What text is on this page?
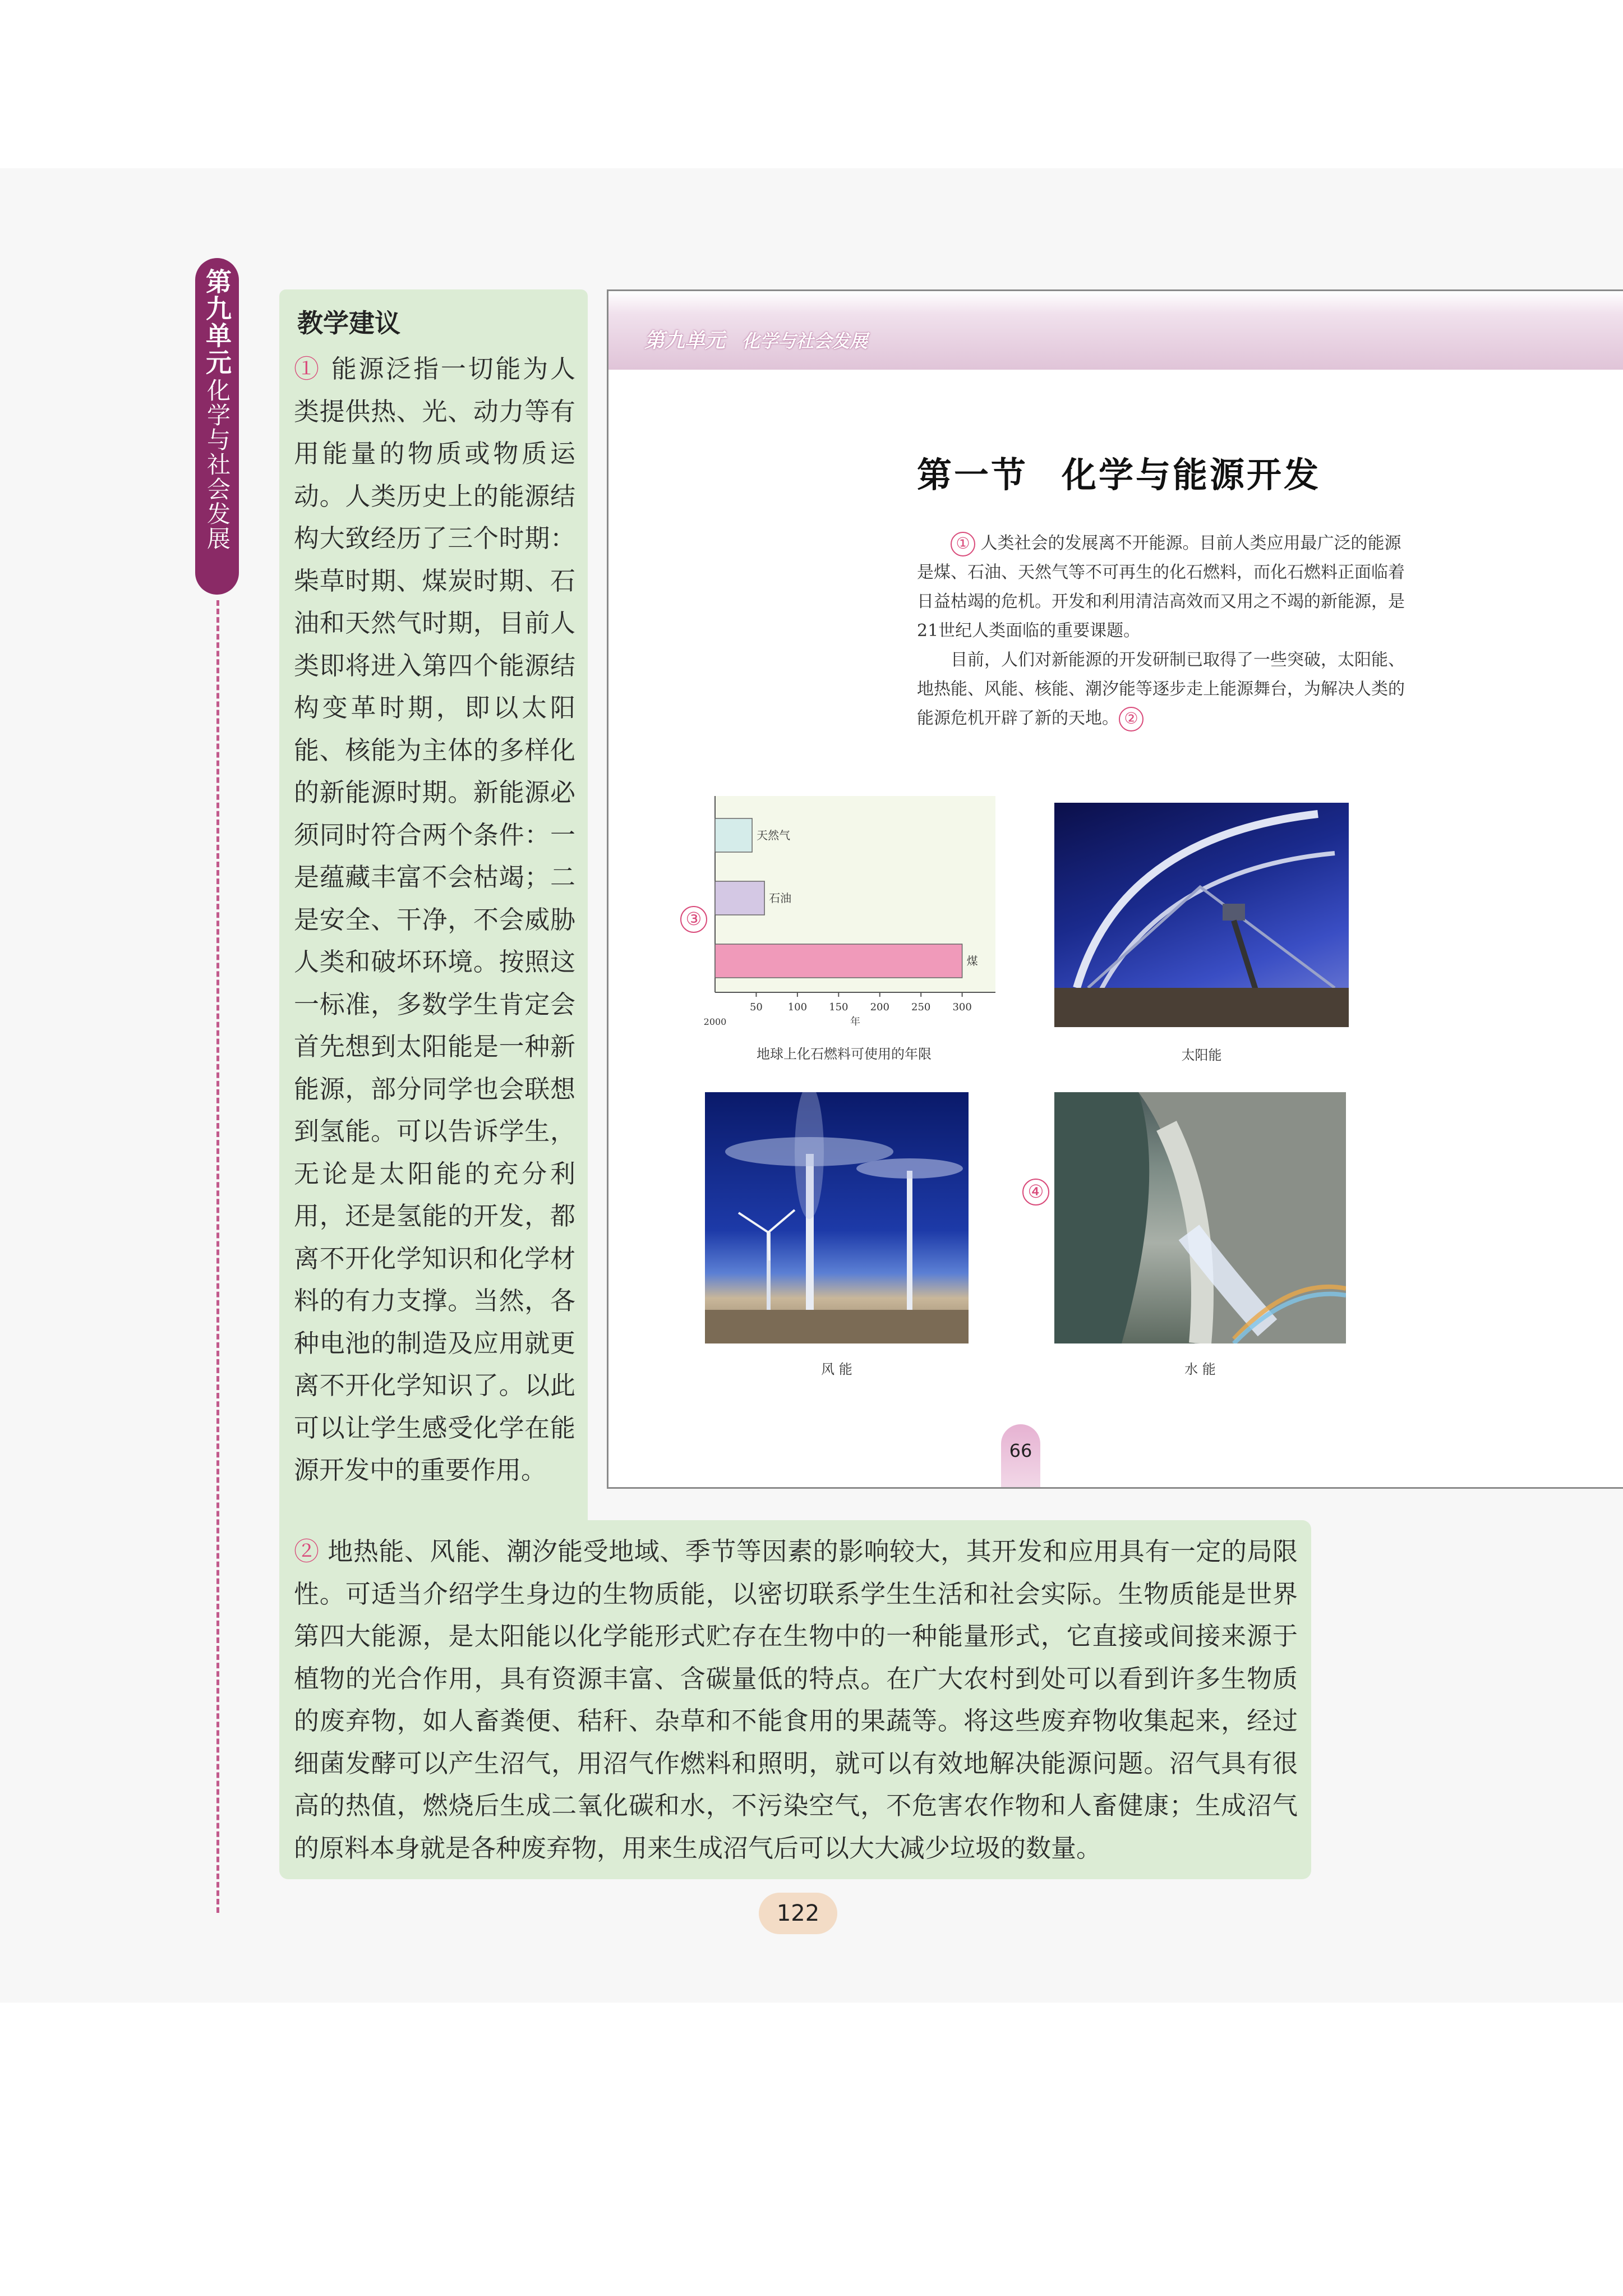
第九单元
化学与社会发展
教学建议

① 能源泛指一切能为人类提供热、光、动力等有用能量的物质或物质运动。人类历史上的能源结构大致经历了三个时期：柴草时期、煤炭时期、石油和天然气时期，目前人类即将进入第四个能源结构变革时期，即以太阳能、核能为主体的多样化的新能源时期。新能源必须同时符合两个条件：一是蕴藏丰富不会枯竭；二是安全、干净，不会威胁人类和破坏环境。按照这一标准，多数学生肯定会首先想到太阳能是一种新能源，部分同学也会联想到氢能。可以告诉学生，无论是太阳能的充分利用，还是氢能的开发，都离不开化学知识和化学材料的有力支撑。当然，各种电池的制造及应用就更离不开化学知识了。以此可以让学生感受化学在能源开发中的重要作用。

② 地热能、风能、潮汐能受地域、季节等因素的影响较大，其开发和应用具有一定的局限性。可适当介绍学生身边的生物质能，以密切联系学生生活和社会实际。生物质能是世界第四大能源，是太阳能以化学能形式贮存在生物中的一种能量形式，它直接或间接来源于植物的光合作用，具有资源丰富、含碳量低的特点。在广大农村到处可以看到许多生物质的废弃物，如人畜粪便、秸秆、杂草和不能食用的果蔬等。将这些废弃物收集起来，经过细菌发酵可以产生沼气，用沼气作燃料和照明，就可以有效地解决能源问题。沼气具有很高的热值，燃烧后生成二氧化碳和水，不污染空气，不危害农作物和人畜健康；生成沼气的原料本身就是各种废弃物，用来生成沼气后可以大大减少垃圾的数量。

第九单元 化学与社会发展
第一节 化学与能源开发

① 人类社会的发展离不开能源。目前人类应用最广泛的能源是煤、石油、天然气等不可再生的化石燃料，而化石燃料正面临着日益枯竭的危机。开发和利用清洁高效而又用之不竭的新能源，是21世纪人类面临的重要课题。

目前，人们对新能源的开发研制已取得了一些突破，太阳能、地热能、风能、核能、潮汐能等逐步走上能源舞台，为解决人类的能源危机开辟了新的天地。 ②

③
天然气
石油
煤
50 100 150 200 250 300
2000	年
地球上化石燃料可使用的年限	太阳能
风 能
④
水 能
66
122
